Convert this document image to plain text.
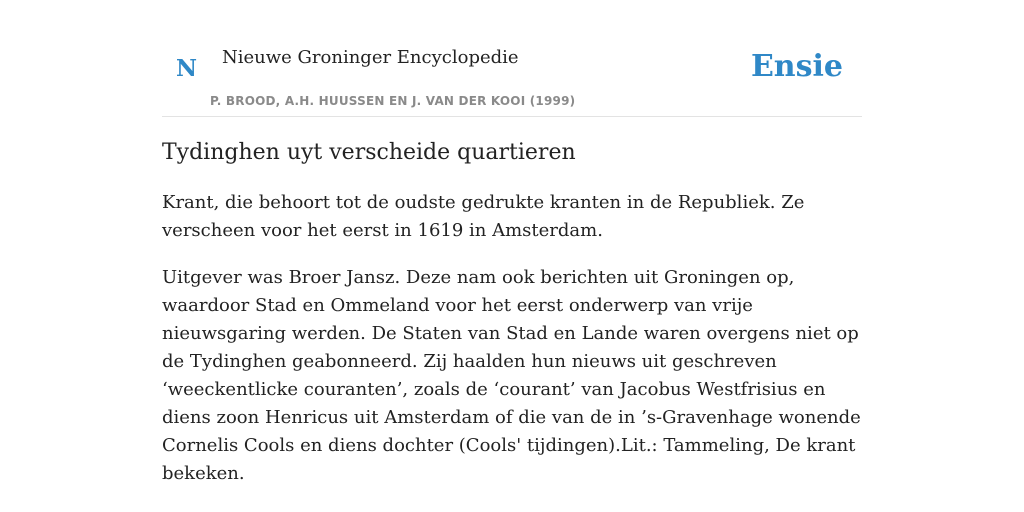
N Nieuwe Groninger Encyclopedie
P. BROOD, A.H. HUUSSEN EN J. VAN DER KOOI (1999)
Ensie
Tydinghen uyt verscheide quartieren

Krant, die behoort tot de oudste gedrukte kranten in de Republiek. Ze verscheen voor het eerst in 1619 in Amsterdam.

Uitgever was Broer Jansz. Deze nam ook berichten uit Groningen op, waardoor Stad en Ommeland voor het eerst onderwerp van vrije nieuwsgaring werden. De Staten van Stad en Lande waren overgens niet op de Tydinghen geabonneerd. Zij haalden hun nieuws uit geschreven ‘weeckentlicke couranten’, zoals de ‘courant’ van Jacobus Westfrisius en diens zoon Henricus uit Amsterdam of die van de in ’s-Gravenhage wonende Cornelis Cools en diens dochter (Cools' tijdingen).Lit.: Tammeling, De krant bekeken.
